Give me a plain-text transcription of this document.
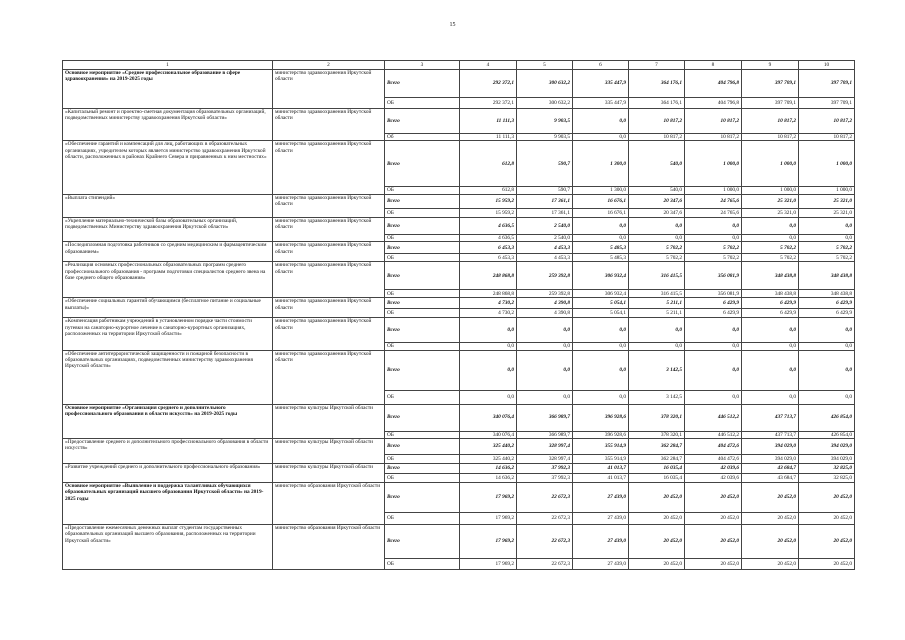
15
1	2	3	4	5	6	7	8	9	10
Основное мероприятие «Среднее профессиональное образование в сфере здравоохранения» на 2019-2025 годы	министерство здравоохранения Иркутской области	Всего	292 372,1	300 632,2	335 447,9	364 176,1	404 796,8	397 709,1	397 709,1
		ОБ	292 372,1	300 632,2	335 447,9	364 176,1	404 796,8	397 709,1	397 709,1
«Капитальный ремонт и проектно-сметная документация образовательных организаций, подведомственных министерству здравоохранения Иркутской области»	министерство здравоохранения Иркутской области	Всего	11 111,3	9 903,5	0,0	10 817,2	10 817,2	10 817,2	10 817,2
		Об	11 111,3	9 903,5	0,0	10 817,2	10 817,2	10 817,2	10 817,2
«Обеспечение гарантий и компенсаций для лиц, работающих в образовательных организациях, учредителем которых является министерство здравоохранения Иркутской области, расположенных в районах Крайнего Севера и приравненных к ним местностях»	министерство здравоохранения Иркутской области	Всего	612,8	590,7	1 300,0	540,0	1 000,0	1 000,0	1 000,0
		ОБ	612,8	590,7	1 300,0	540,0	1 000,0	1 000,0	1 000,0
«Выплата стипендий»	министерство здравоохранения Иркутской области	Всего	15 959,2	17 361,1	16 676,1	20 347,6	24 765,6	25 321,0	25 321,0
		ОБ	15 959,2	17 361,1	16 676,1	20 347,6	24 765,6	25 321,0	25 321,0
«Укрепление материально-технической базы образовательных организаций, подведомственных Министерству здравоохранения Иркутской области»	министерство здравоохранения Иркутской области	Всего	4 636,5	2 540,0	0,0	0,0	0,0	0,0	0,0
		ОБ	4 636,5	2 540,0	0,0	0,0	0,0	0,0	0,0
«Последипломная подготовка работников со средним медицинским и фармацевтическим образованием»	министерство здравоохранения Иркутской области	Всего	6 453,3	4 453,3	5 485,3	5 702,2	5 702,2	5 702,2	5 702,2
		ОБ	6 453,3	4 453,3	5 485,3	5 702,2	5 702,2	5 702,2	5 702,2
«Реализация основных профессиональных образовательных программ среднего профессионального образования - программ подготовки специалистов среднего звена на базе среднего общего образования»	министерство здравоохранения Иркутской области	Всего	248 868,8	259 392,8	306 932,4	316 415,5	356 081,9	348 438,8	348 438,8
		ОБ	248 868,8	259 392,8	306 932,4	316 415,5	356 081,9	348 438,8	348 438,8
«Обеспечение социальных гарантий обучающимся (бесплатное питание и социальные выплаты)»	министерство здравоохранения Иркутской области	Всего	4 730,2	4 390,8	5 054,1	5 211,1	6 429,9	6 429,9	6 429,9
		ОБ	4 730,2	4 390,8	5 054,1	5 211,1	6 429,9	6 429,9	6 429,9
«Компенсация работникам учреждений в установленном порядке части стоимости путевки на санаторно-курортное лечение в санаторно-курортных организациях, расположенных на территории Иркутской области»	министерство здравоохранения Иркутской области	Всего	0,0	0,0	0,0	0,0	0,0	0,0	0,0
		ОБ	0,0	0,0	0,0	0,0	0,0	0,0	0,0
«Обеспечение антитеррористической защищенности и пожарной безопасности в образовательных организациях, подведомственных министерству здравоохранения Иркутской области»	министерство здравоохранения Иркутской области	Всего	0,0	0,0	0,0	3 142,5	0,0	0,0	0,0
		ОБ	0,0	0,0	0,0	3 142,5	0,0	0,0	0,0
Основное мероприятие «Организация среднего и дополнительного профессионального образования в области искусств» на 2019-2025 годы	министерство культуры Иркутской области	Всего	340 076,4	366 989,7	396 928,6	378 320,1	446 512,2	437 713,7	426 854,0
		ОБ	340 076,4	366 989,7	396 928,6	378 320,1	446 512,2	437 713,7	426 854,0
«Предоставление среднего и дополнительного профессионального образования в области искусств»	министерство культуры Иркутской области	Всего	325 440,2	328 997,4	355 914,9	362 284,7	404 472,6	394 029,0	394 029,0
		ОБ	325 440,2	328 997,4	355 914,9	362 284,7	404 472,6	394 029,0	394 029,0
«Развитие учреждений среднего и дополнительного профессионального образования»	министерство культуры Иркутской области	Всего	14 636,2	37 992,3	41 013,7	16 035,4	42 039,6	43 684,7	32 825,0
		ОБ	14 636,2	37 992,3	41 013,7	16 035,4	42 039,6	43 684,7	32 825,0
Основное мероприятие «Выявление и поддержка талантливых обучающихся образовательных организаций высшего образования Иркутской области» на 2019-2025 годы	министерство образования Иркутской области	Всего	17 969,2	22 672,3	27 439,0	20 452,0	20 452,0	20 452,0	20 452,0
		ОБ	17 969,2	22 672,3	27 439,0	20 452,0	20 452,0	20 452,0	20 452,0
«Предоставление ежемесячных денежных выплат студентам государственных образовательных организаций высшего образования, расположенных на территории Иркутской области»	министерство образования Иркутской области	Всего	17 969,2	22 672,3	27 439,0	20 452,0	20 452,0	20 452,0	20 452,0
		ОБ	17 969,2	22 672,3	27 439,0	20 452,0	20 452,0	20 452,0	20 452,0
